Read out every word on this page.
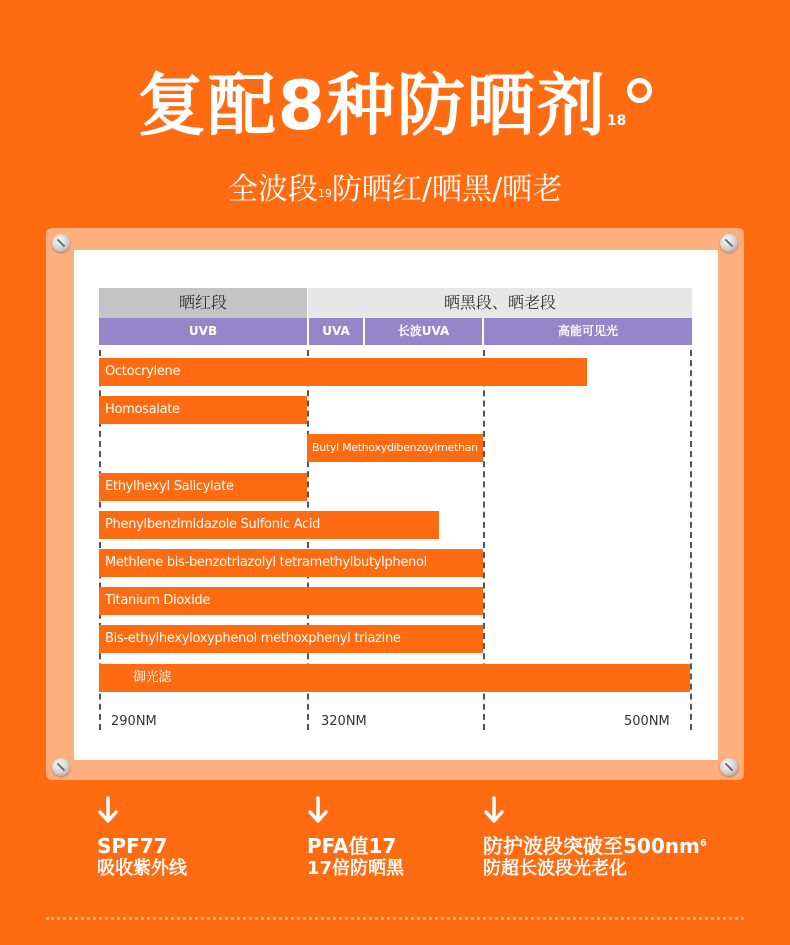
复配8种防晒剂$^{18}$
全波段$^{19}$防晒红/晒黑/晒老
晒红段	晒黑段、晒老段
UVB	UVA	长波UVA	高能可见光
Octocrylene
Homosalate
Butyl Methoxydibenzoylmethan
Ethylhexyl Salicylate
Phenylbenzimidazole Sulfonic Acid
Methlene bis-benzotriazolyl tetramethylbutylphenol
Titanium Dioxide
Bis-ethylhexyloxyphenol methoxphenyl triazine
御光滤
290NM	320NM	500NM
SPF77
吸收紫外线
PFA值17
17倍防晒黑
防护波段突破至$500nm^6$
防超长波段光老化
